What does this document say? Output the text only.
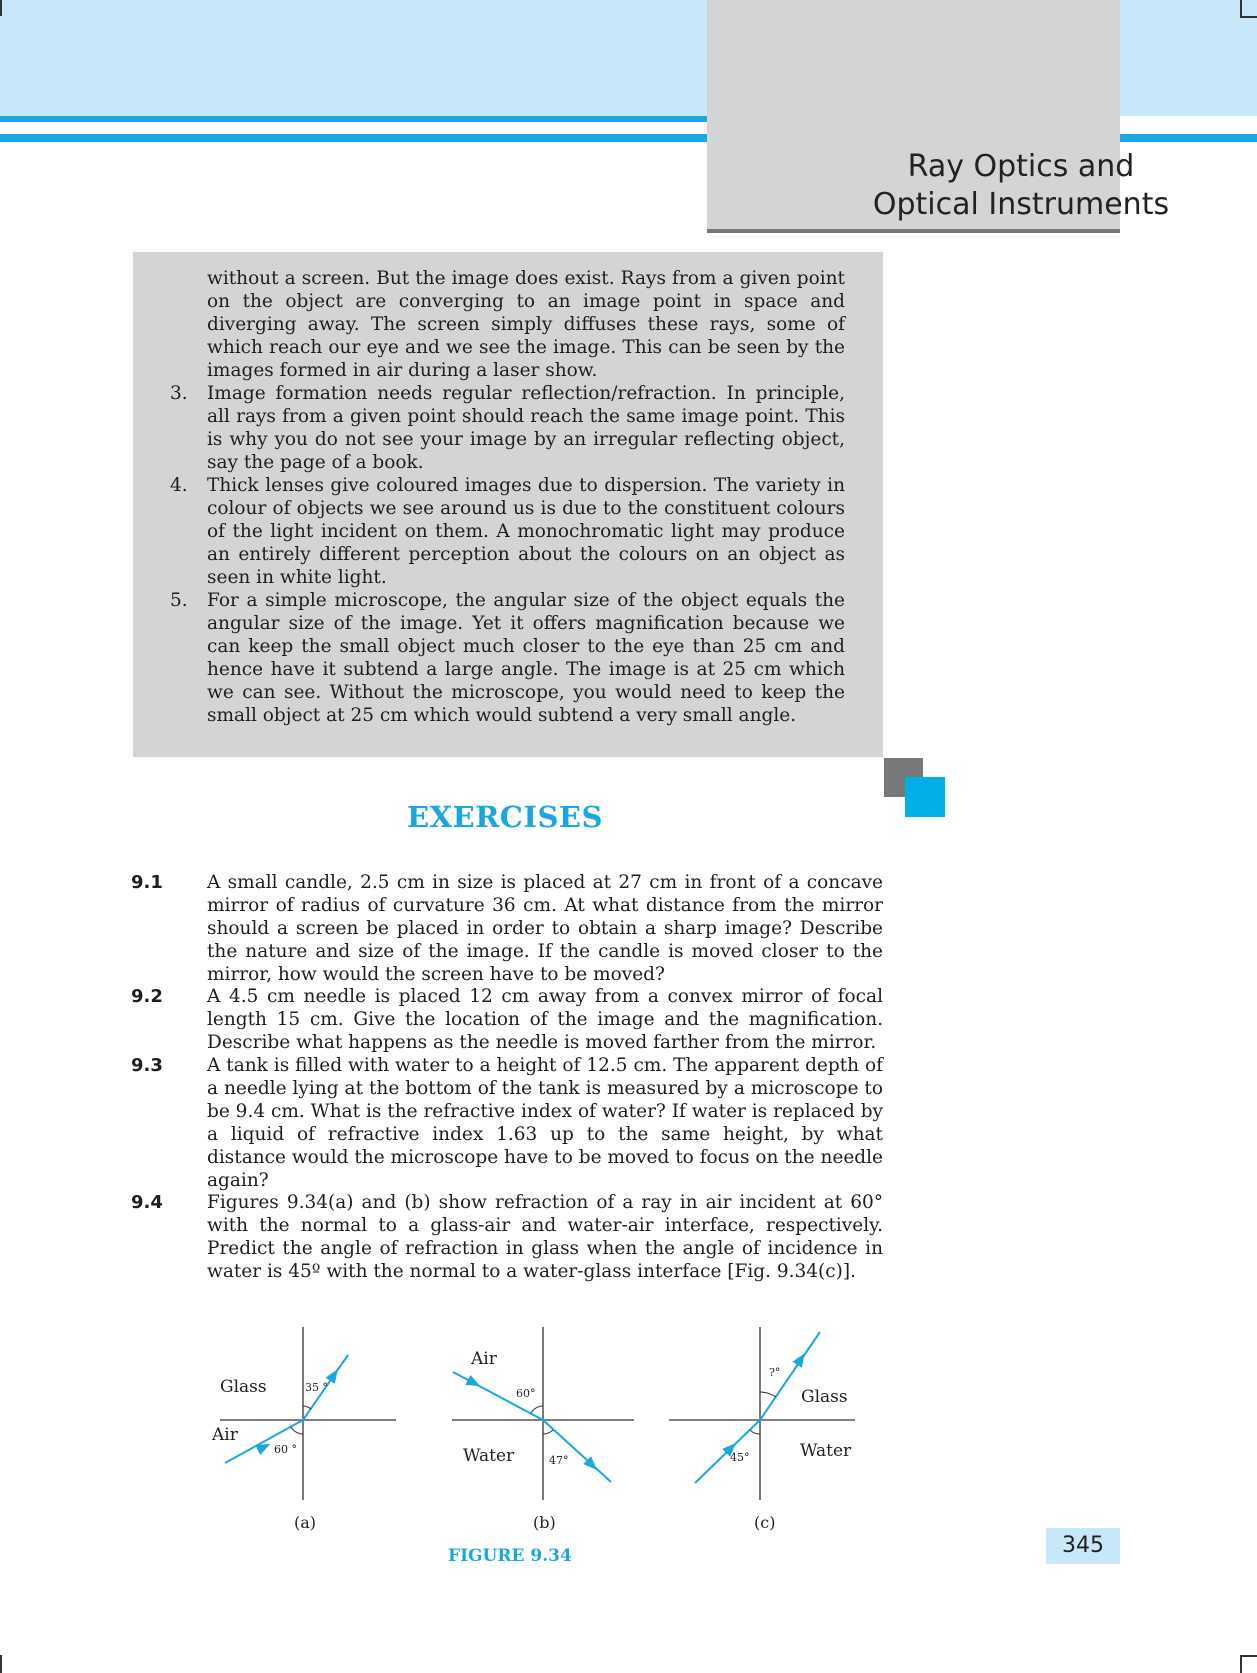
Ray Optics and
Optical Instruments

without a screen. But the image does exist. Rays from a given point on the object are converging to an image point in space and diverging away. The screen simply diffuses these rays, some of which reach our eye and we see the image. This can be seen by the images formed in air during a laser show.

3. Image formation needs regular reflection/refraction. In principle, all rays from a given point should reach the same image point. This is why you do not see your image by an irregular reflecting object, say the page of a book.

4. Thick lenses give coloured images due to dispersion. The variety in colour of objects we see around us is due to the constituent colours of the light incident on them. A monochromatic light may produce an entirely different perception about the colours on an object as seen in white light.

5. For a simple microscope, the angular size of the object equals the angular size of the image. Yet it offers magnification because we can keep the small object much closer to the eye than 25 cm and hence have it subtend a large angle. The image is at 25 cm which we can see. Without the microscope, you would need to keep the small object at 25 cm which would subtend a very small angle.

EXERCISES
9.1 A small candle, 2.5 cm in size is placed at 27 cm in front of a concave mirror of radius of curvature 36 cm. At what distance from the mirror should a screen be placed in order to obtain a sharp image? Describe the nature and size of the image. If the candle is moved closer to the mirror, how would the screen have to be moved?

9.2 A 4.5 cm needle is placed 12 cm away from a convex mirror of focal length 15 cm. Give the location of the image and the magnification. Describe what happens as the needle is moved farther from the mirror.

9.3 A tank is filled with water to a height of 12.5 cm. The apparent depth of a needle lying at the bottom of the tank is measured by a microscope to be 9.4 cm. What is the refractive index of water? If water is replaced by a liquid of refractive index 1.63 up to the same height, by what distance would the microscope have to be moved to focus on the needle again?

9.4 Figures 9.34(a) and (b) show refraction of a ray in air incident at 60° with the normal to a glass-air and water-air interface, respectively. Predict the angle of refraction in glass when the angle of incidence in water is 45º with the normal to a water-glass interface [Fig. 9.34(c)].

Glass
Air
35 °
60 °
(a)
Air
Water
60°
47°
(b)
Glass
Water
?°
45°
(c)
FIGURE 9.34	345
